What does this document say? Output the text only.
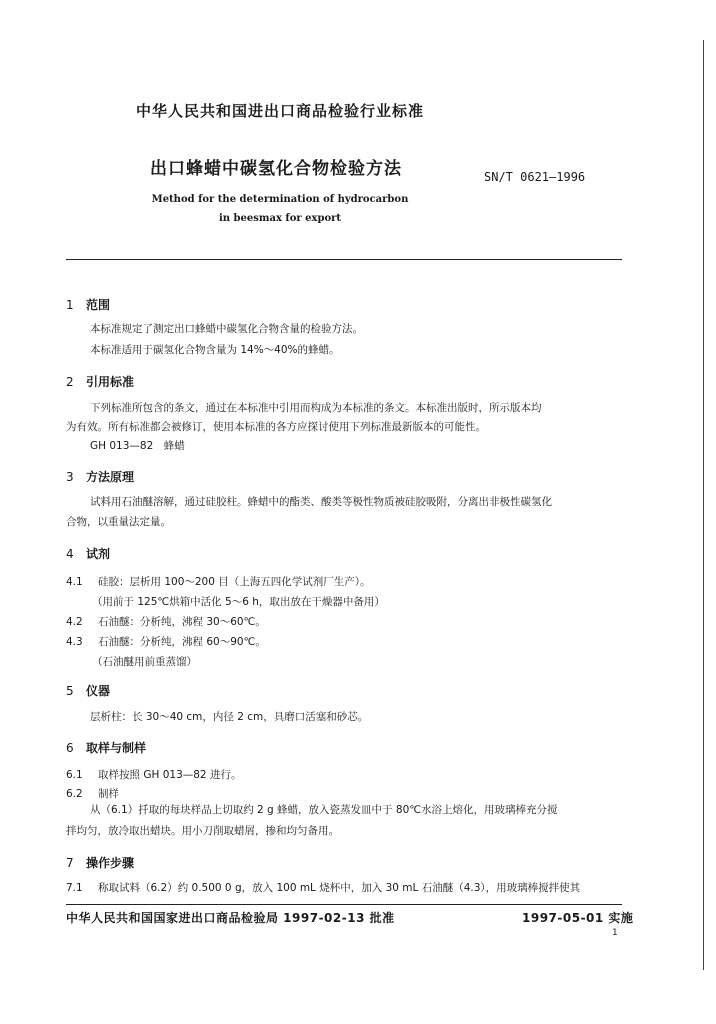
中华人民共和国进出口商品检验行业标准
出口蜂蜡中碳氢化合物检验方法	SN/T 0621—1996
Method for the determination of hydrocarbon
in beesmax for export
1 范围
本标准规定了测定出口蜂蜡中碳氢化合物含量的检验方法。
本标准适用于碳氢化合物含量为 14%～40%的蜂蜡。
2 引用标准
下列标准所包含的条文，通过在本标准中引用而构成为本标准的条文。本标准出版时，所示版本均
为有效。所有标准都会被修订，使用本标准的各方应探讨使用下列标准最新版本的可能性。
GH 013—82　蜂蜡
3 方法原理
试料用石油醚溶解，通过硅胶柱。蜂蜡中的酯类、酸类等极性物质被硅胶吸附，分离出非极性碳氢化
合物，以重量法定量。
4 试剂
4.1 硅胶：层析用 100～200 目（上海五四化学试剂厂生产）。
（用前于 125℃烘箱中活化 5～6 h，取出放在干燥器中备用）
4.2 石油醚：分析纯，沸程 30～60℃。
4.3 石油醚：分析纯，沸程 60～90℃。
（石油醚用前重蒸馏）
5 仪器
层析柱：长 30～40 cm，内径 2 cm，具磨口活塞和砂芯。
6 取样与制样
6.1 取样按照 GH 013—82 进行。
6.2 制样
从（6.1）扦取的每块样品上切取约 2 g 蜂蜡，放入瓷蒸发皿中于 80℃水浴上熔化，用玻璃棒充分搅
拌均匀，放冷取出蜡块。用小刀削取蜡屑，掺和均匀备用。
7 操作步骤
7.1 称取试料（6.2）约 0.500 0 g，放入 100 mL 烧杯中，加入 30 mL 石油醚（4.3），用玻璃棒搅拌使其
中华人民共和国国家进出口商品检验局 1997-02-13 批准	1997-05-01 实施
1
